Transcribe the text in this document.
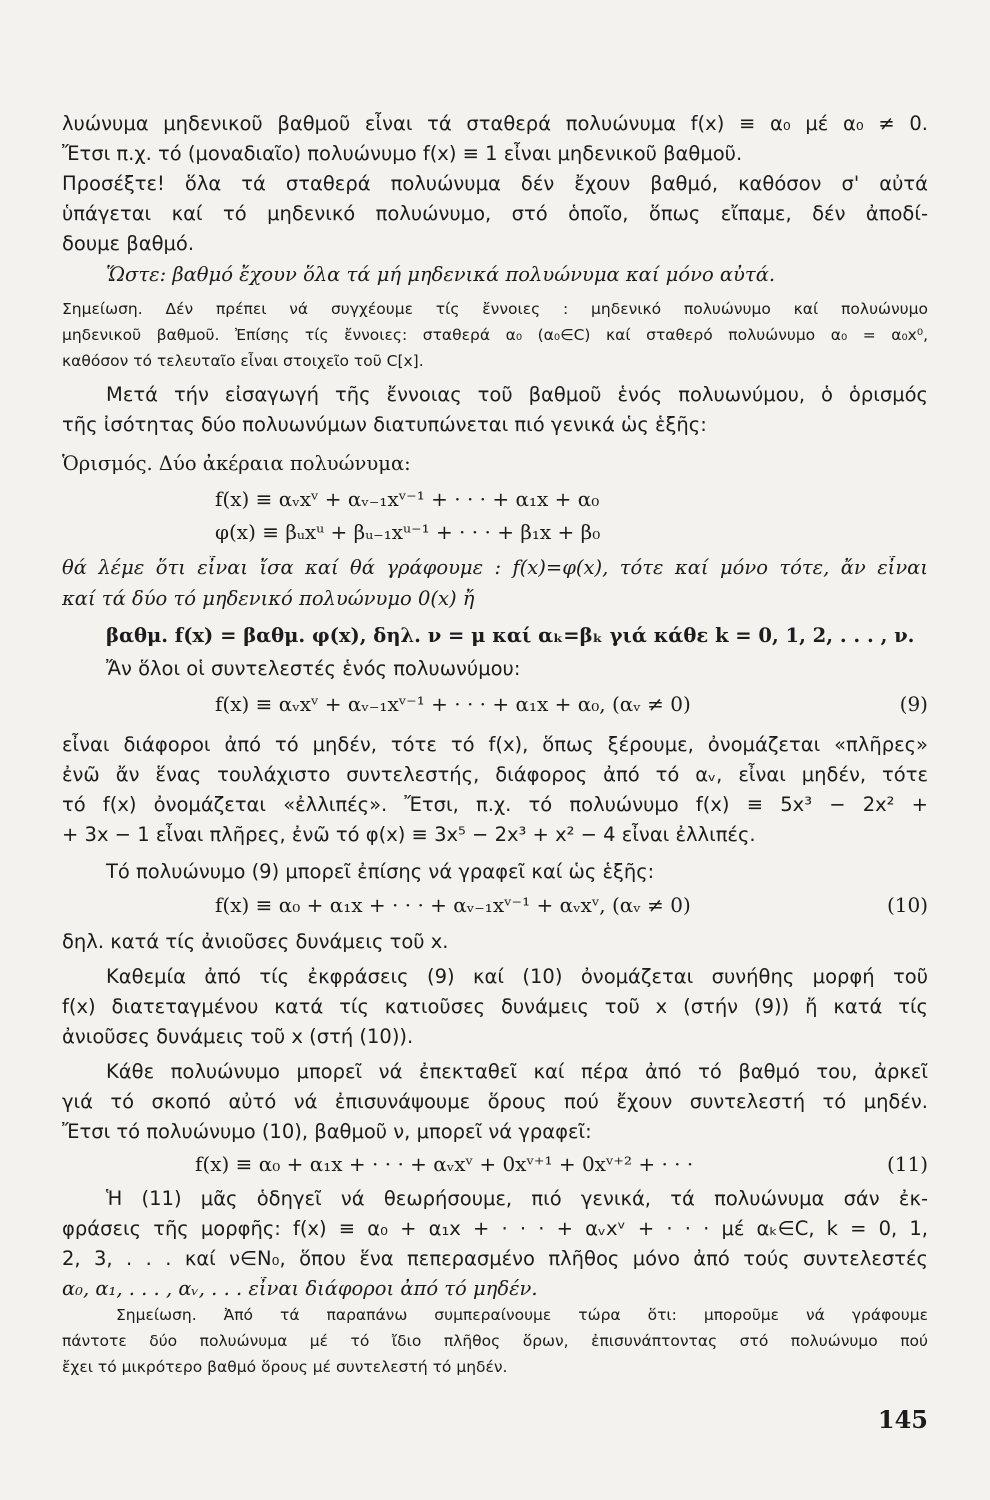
λυώνυμα μηδενικοῦ βαθμοῦ εἶναι τά σταθερά πολυώνυμα f(x) ≡ α₀ μέ α₀ ≠ 0.
Ἔτσι π.χ. τό (μοναδιαῖο) πολυώνυμο f(x) ≡ 1 εἶναι μηδενικοῦ βαθμοῦ.
Προσέξτε! ὅλα τά σταθερά πολυώνυμα δέν ἔχουν βαθμό, καθόσον σ' αὐτά
ὑπάγεται καί τό μηδενικό πολυώνυμο, στό ὁποῖο, ὅπως εἴπαμε, δέν ἀποδί-
δουμε βαθμό.
Ὥστε: βαθμό ἔχουν ὅλα τά μή μηδενικά πολυώνυμα καί μόνο αὐτά.
Σημείωση. Δέν πρέπει νά συγχέουμε τίς ἔννοιες : μηδενικό πολυώνυμο καί πολυώνυμο
μηδενικοῦ βαθμοῦ. Ἐπίσης τίς ἔννοιες: σταθερά α₀ (α₀∈C) καί σταθερό πολυώνυμο α₀ = α₀x⁰,
καθόσον τό τελευταῖο εἶναι στοιχεῖο τοῦ C[x].
Μετά τήν εἰσαγωγή τῆς ἔννοιας τοῦ βαθμοῦ ἑνός πολυωνύμου, ὁ ὁρισμός
τῆς ἰσότητας δύο πολυωνύμων διατυπώνεται πιό γενικά ὡς ἑξῆς:
Ὁρισμός. Δύο ἀκέραια πολυώνυμα:
f(x) ≡ αᵥxᵛ + αᵥ₋₁xᵛ⁻¹ + · · · + α₁x + α₀
φ(x) ≡ βᵤxᵘ + βᵤ₋₁xᵘ⁻¹ + · · · + β₁x + β₀
θά λέμε ὅτι εἶναι ἴσα καί θά γράφουμε : f(x)=φ(x), τότε καί μόνο τότε, ἄν εἶναι
καί τά δύο τό μηδενικό πολυώνυμο 0(x) ἤ
βαθμ. f(x) = βαθμ. φ(x), δηλ. ν = μ καί αₖ=βₖ γιά κάθε k = 0, 1, 2, . . . , ν.
Ἄν ὅλοι οἱ συντελεστές ἑνός πολυωνύμου:
f(x) ≡ αᵥxᵛ + αᵥ₋₁xᵛ⁻¹ + · · · + α₁x + α₀, (αᵥ ≠ 0)	(9)
εἶναι διάφοροι ἀπό τό μηδέν, τότε τό f(x), ὅπως ξέρουμε, ὀνομάζεται «πλῆρες»
ἐνῶ ἄν ἕνας τουλάχιστο συντελεστής, διάφορος ἀπό τό αᵥ, εἶναι μηδέν, τότε
τό f(x) ὀνομάζεται «ἐλλιπές». Ἔτσι, π.χ. τό πολυώνυμο f(x) ≡ 5x³ − 2x² +
+ 3x − 1 εἶναι πλῆρες, ἐνῶ τό φ(x) ≡ 3x⁵ − 2x³ + x² − 4 εἶναι ἐλλιπές.
Τό πολυώνυμο (9) μπορεῖ ἐπίσης νά γραφεῖ καί ὡς ἑξῆς:
f(x) ≡ α₀ + α₁x + · · · + αᵥ₋₁xᵛ⁻¹ + αᵥxᵛ, (αᵥ ≠ 0)	(10)
δηλ. κατά τίς ἀνιοῦσες δυνάμεις τοῦ x.
Καθεμία ἀπό τίς ἐκφράσεις (9) καί (10) ὀνομάζεται συνήθης μορφή τοῦ
f(x) διατεταγμένου κατά τίς κατιοῦσες δυνάμεις τοῦ x (στήν (9)) ἤ κατά τίς
ἀνιοῦσες δυνάμεις τοῦ x (στή (10)).
Κάθε πολυώνυμο μπορεῖ νά ἐπεκταθεῖ καί πέρα ἀπό τό βαθμό του, ἀρκεῖ
γιά τό σκοπό αὐτό νά ἐπισυνάψουμε ὅρους πού ἔχουν συντελεστή τό μηδέν.
Ἔτσι τό πολυώνυμο (10), βαθμοῦ ν, μπορεῖ νά γραφεῖ:
f(x) ≡ α₀ + α₁x + · · · + αᵥxᵛ + 0xᵛ⁺¹ + 0xᵛ⁺² + · · ·	(11)
Ἡ (11) μᾶς ὁδηγεῖ νά θεωρήσουμε, πιό γενικά, τά πολυώνυμα σάν ἐκ-
φράσεις τῆς μορφῆς: f(x) ≡ α₀ + α₁x + · · · + αᵥxᵛ + · · · μέ αₖ∈C, k = 0, 1,
2, 3, . . . καί ν∈N₀, ὅπου ἕνα πεπερασμένο πλῆθος μόνο ἀπό τούς συντελεστές
α₀, α₁, . . . , αᵥ, . . . εἶναι διάφοροι ἀπό τό μηδέν.
Σημείωση. Ἀπό τά παραπάνω συμπεραίνουμε τώρα ὅτι: μποροῦμε νά γράφουμε
πάντοτε δύο πολυώνυμα μέ τό ἴδιο πλῆθος ὅρων, ἐπισυνάπτοντας στό πολυώνυμο πού
ἔχει τό μικρότερο βαθμό ὅρους μέ συντελεστή τό μηδέν.
145
